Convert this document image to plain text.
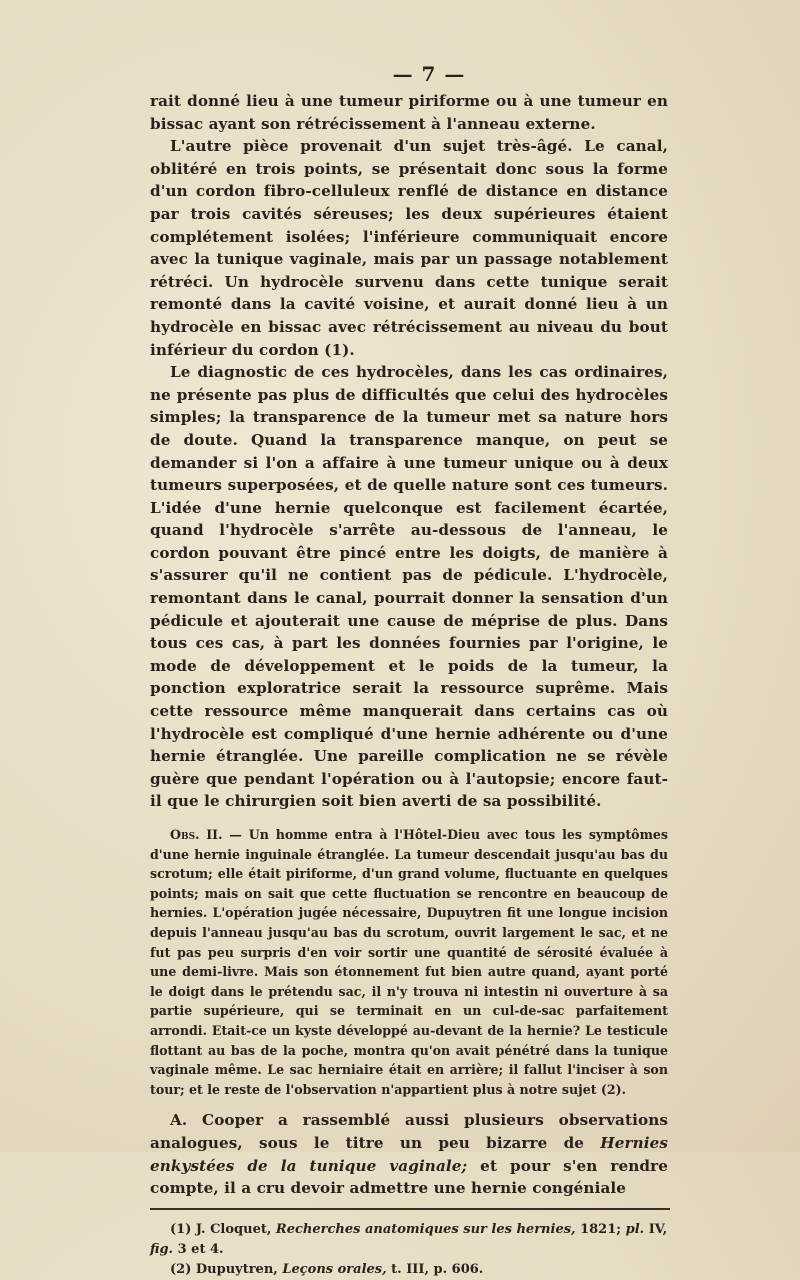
— 7 —

rait donné lieu à une tumeur piriforme ou à une tumeur en bissac ayant son rétrécissement à l'anneau externe.

L'autre pièce provenait d'un sujet très-âgé. Le canal, oblitéré en trois points, se présentait donc sous la forme d'un cordon fibro-celluleux renflé de distance en distance par trois cavités séreuses; les deux supérieures étaient complétement isolées; l'inférieure communiquait encore avec la tunique vaginale, mais par un passage notablement rétréci. Un hydrocèle survenu dans cette tunique serait remonté dans la cavité voisine, et aurait donné lieu à un hydrocèle en bissac avec rétrécissement au niveau du bout inférieur du cordon (1).

Le diagnostic de ces hydrocèles, dans les cas ordinaires, ne présente pas plus de difficultés que celui des hydrocèles simples; la transparence de la tumeur met sa nature hors de doute. Quand la transparence manque, on peut se demander si l'on a affaire à une tumeur unique ou à deux tumeurs superposées, et de quelle nature sont ces tumeurs. L'idée d'une hernie quelconque est facilement écartée, quand l'hydrocèle s'arrête au-dessous de l'anneau, le cordon pouvant être pincé entre les doigts, de manière à s'assurer qu'il ne contient pas de pédicule. L'hydrocèle, remontant dans le canal, pourrait donner la sensation d'un pédicule et ajouterait une cause de méprise de plus. Dans tous ces cas, à part les données fournies par l'origine, le mode de développement et le poids de la tumeur, la ponction exploratrice serait la ressource suprême. Mais cette ressource même manquerait dans certains cas où l'hydrocèle est compliqué d'une hernie adhérente ou d'une hernie étranglée. Une pareille complication ne se révèle guère que pendant l'opération ou à l'autopsie; encore faut-il que le chirurgien soit bien averti de sa possibilité.

Obs. II. — Un homme entra à l'Hôtel-Dieu avec tous les symptômes d'une hernie inguinale étranglée. La tumeur descendait jusqu'au bas du scrotum; elle était piriforme, d'un grand volume, fluctuante en quelques points; mais on sait que cette fluctuation se rencontre en beaucoup de hernies. L'opération jugée nécessaire, Dupuytren fit une longue incision depuis l'anneau jusqu'au bas du scrotum, ouvrit largement le sac, et ne fut pas peu surpris d'en voir sortir une quantité de sérosité évaluée à une demi-livre. Mais son étonnement fut bien autre quand, ayant porté le doigt dans le prétendu sac, il n'y trouva ni intestin ni ouverture à sa partie supérieure, qui se terminait en un cul-de-sac parfaitement arrondi. Etait-ce un kyste développé au-devant de la hernie? Le testicule flottant au bas de la poche, montra qu'on avait pénétré dans la tunique vaginale même. Le sac herniaire était en arrière; il fallut l'inciser à son tour; et le reste de l'observation n'appartient plus à notre sujet (2).

A. Cooper a rassemblé aussi plusieurs observations analogues, sous le titre un peu bizarre de Hernies enkystées de la tunique vaginale; et pour s'en rendre compte, il a cru devoir admettre une hernie congéniale

(1) J. Cloquet, Recherches anatomiques sur les hernies, 1821; pl. IV, fig. 3 et 4.

(2) Dupuytren, Leçons orales, t. III, p. 606.
